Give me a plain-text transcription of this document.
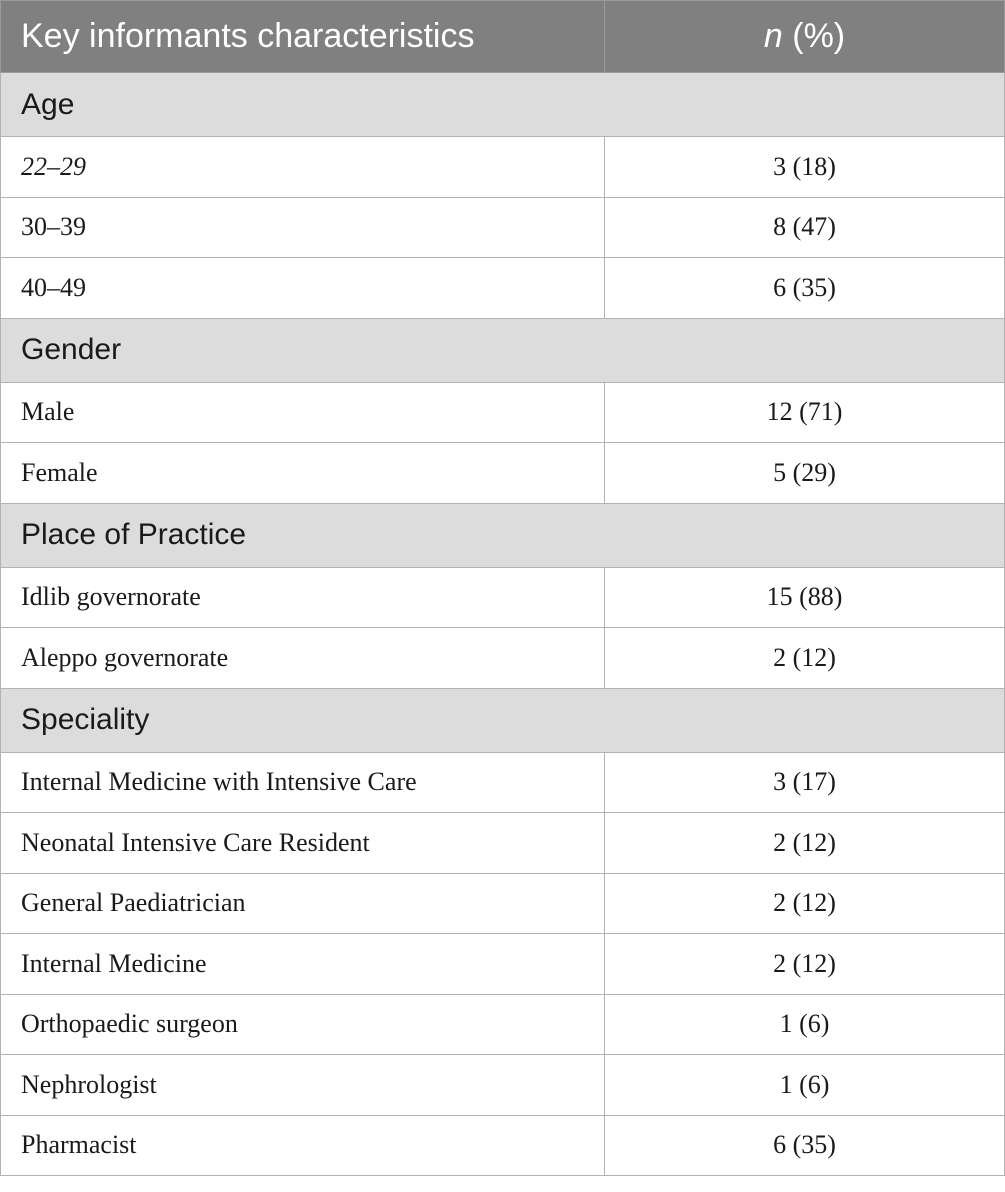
Key informants characteristics	n (%)
Age	
22–29	3 (18)
30–39	8 (47)
40–49	6 (35)
Gender	
Male	12 (71)
Female	5 (29)
Place of Practice	
Idlib governorate	15 (88)
Aleppo governorate	2 (12)
Speciality	
Internal Medicine with Intensive Care	3 (17)
Neonatal Intensive Care Resident	2 (12)
General Paediatrician	2 (12)
Internal Medicine	2 (12)
Orthopaedic surgeon	1 (6)
Nephrologist	1 (6)
Pharmacist	6 (35)
